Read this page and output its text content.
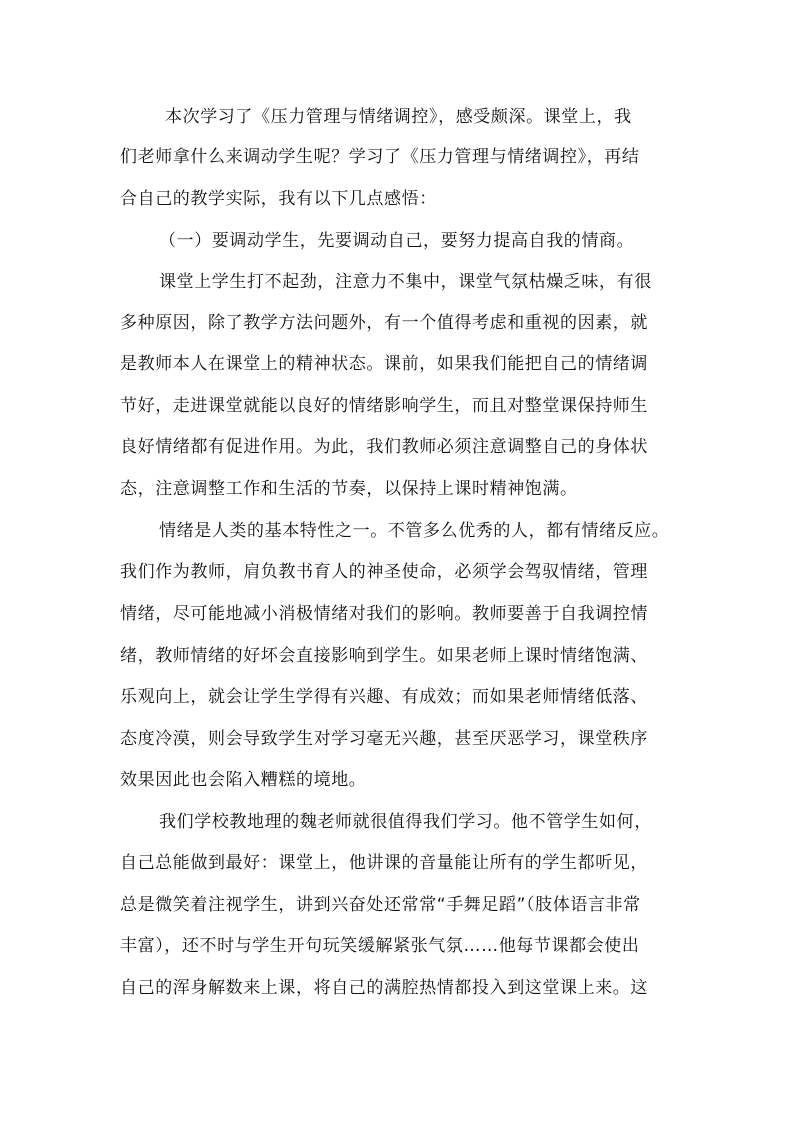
本次学习了《压力管理与情绪调控》，感受颇深。课堂上，我
们老师拿什么来调动学生呢？学习了《压力管理与情绪调控》，再结
合自己的教学实际，我有以下几点感悟：
（一）要调动学生，先要调动自己，要努力提高自我的情商。
课堂上学生打不起劲，注意力不集中，课堂气氛枯燥乏味，有很
多种原因，除了教学方法问题外，有一个值得考虑和重视的因素，就
是教师本人在课堂上的精神状态。课前，如果我们能把自己的情绪调
节好，走进课堂就能以良好的情绪影响学生，而且对整堂课保持师生
良好情绪都有促进作用。为此，我们教师必须注意调整自己的身体状
态，注意调整工作和生活的节奏，以保持上课时精神饱满。
情绪是人类的基本特性之一。不管多么优秀的人，都有情绪反应。
我们作为教师，肩负教书育人的神圣使命，必须学会驾驭情绪，管理
情绪，尽可能地减小消极情绪对我们的影响。教师要善于自我调控情
绪，教师情绪的好坏会直接影响到学生。如果老师上课时情绪饱满、
乐观向上，就会让学生学得有兴趣、有成效；而如果老师情绪低落、
态度冷漠，则会导致学生对学习毫无兴趣，甚至厌恶学习，课堂秩序
效果因此也会陷入糟糕的境地。
我们学校教地理的魏老师就很值得我们学习。他不管学生如何，
自己总能做到最好：课堂上，他讲课的音量能让所有的学生都听见，
总是微笑着注视学生，讲到兴奋处还常常“手舞足蹈”（肢体语言非常
丰富），还不时与学生开句玩笑缓解紧张气氛……他每节课都会使出
自己的浑身解数来上课，将自己的满腔热情都投入到这堂课上来。这
